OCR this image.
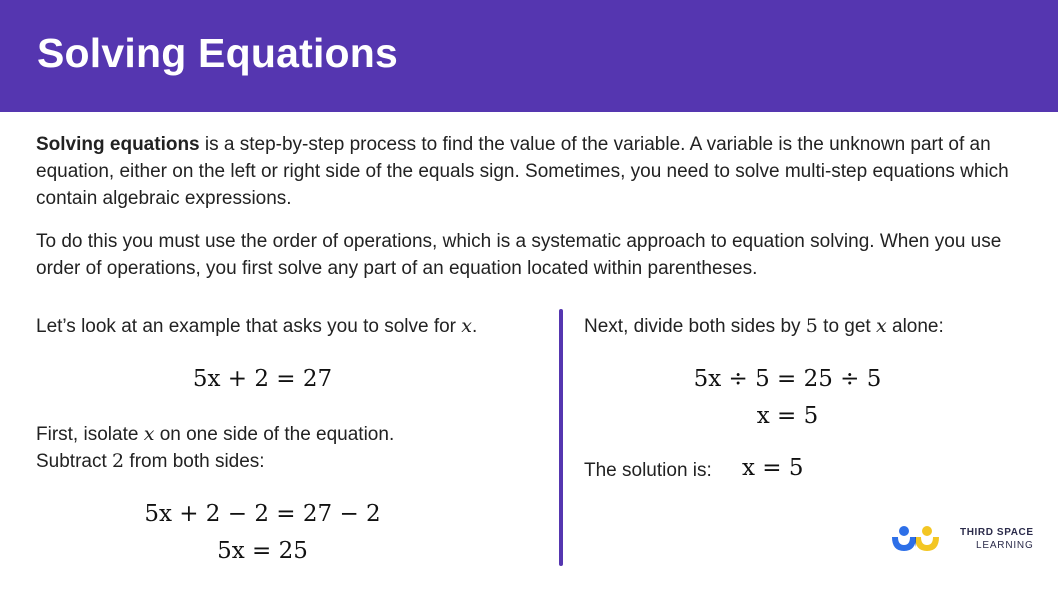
Solving Equations
Solving equations is a step-by-step process to find the value of the variable. A variable is the unknown part of an equation, either on the left or right side of the equals sign. Sometimes, you need to solve multi-step equations which contain algebraic expressions.
To do this you must use the order of operations, which is a systematic approach to equation solving. When you use order of operations, you first solve any part of an equation located within parentheses.
Let’s look at an example that asks you to solve for x.
5x + 2 = 27
First, isolate x on one side of the equation.
Subtract 2 from both sides:
5x + 2 − 2 = 27 − 2
5x = 25
Next, divide both sides by 5 to get x alone:
5x ÷ 5 = 25 ÷ 5
x = 5
The solution is: x = 5
THIRD SPACE
LEARNING
